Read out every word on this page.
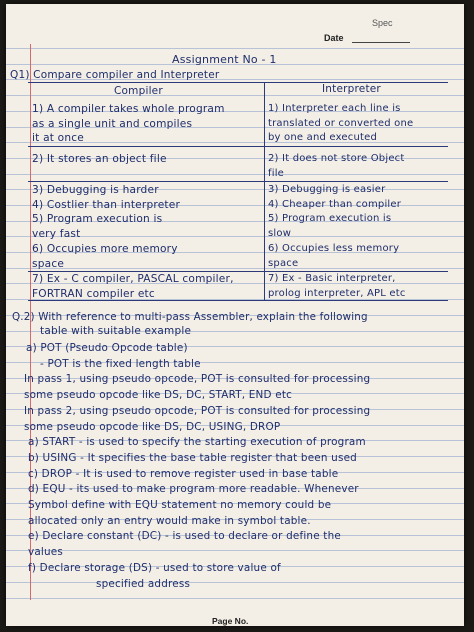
Date
Spec
Assignment No - 1
Q1) Compare compiler and Interpreter
Compiler	Interpreter
1) A compiler takes whole program
as a single unit and compiles
it at once
1) Interpreter each line is
translated or converted one
by one and executed
2) It stores an object file	2) It does not store Object
file
3) Debugging is harder
4) Costlier than interpreter
5) Program execution is
very fast
6) Occupies more memory
space
3) Debugging is easier
4) Cheaper than compiler
5) Program execution is
slow
6) Occupies less memory
space
7) Ex - C compiler, PASCAL compiler,
FORTRAN compiler etc
7) Ex - Basic interpreter,
prolog interpreter, APL etc
Q.2) With reference to multi-pass Assembler, explain the following
table with suitable example
a) POT (Pseudo Opcode table)
- POT is the fixed length table
In pass 1, using pseudo opcode, POT is consulted for processing
some pseudo opcode like DS, DC, START, END etc
In pass 2, using pseudo opcode, POT is consulted for processing
some pseudo opcode like DS, DC, USING, DROP
a) START - is used to specify the starting execution of program
b) USING - It specifies the base table register that been used
c) DROP - It is used to remove register used in base table
d) EQU - its used to make program more readable. Whenever
Symbol define with EQU statement no memory could be
allocated only an entry would make in symbol table.
e) Declare constant (DC) - is used to declare or define the
values
f) Declare storage (DS) - used to store value of
specified address
Page No.
